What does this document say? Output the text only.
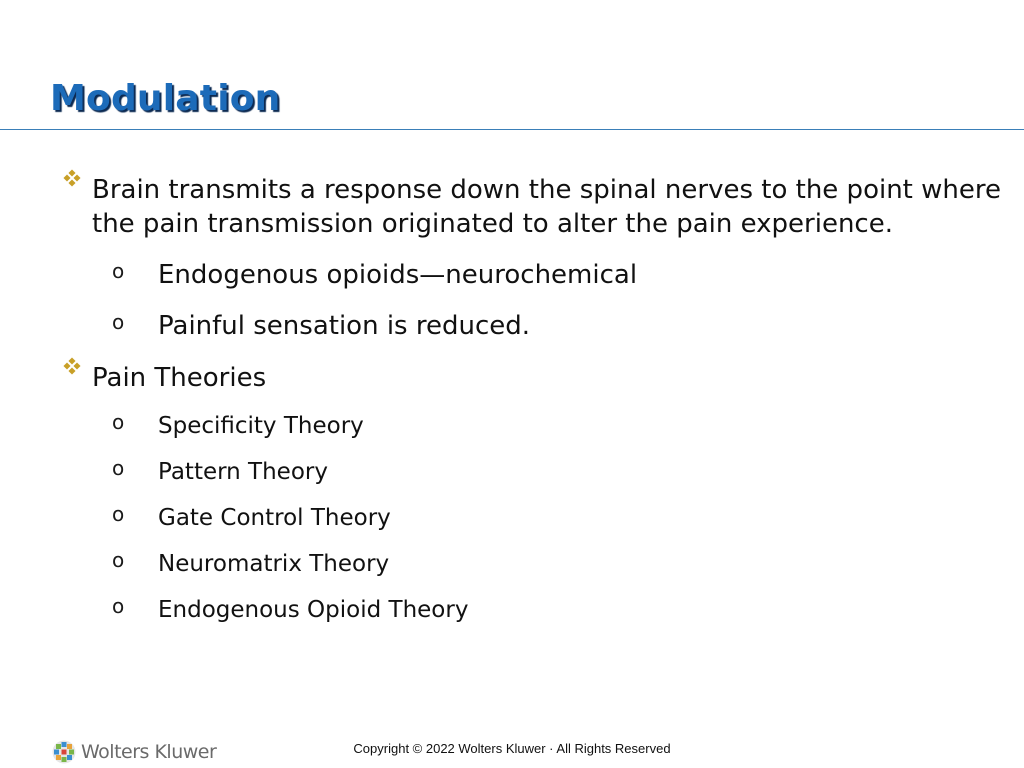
Modulation
Brain transmits a response down the spinal nerves to the point where the pain transmission originated to alter the pain experience.
o Endogenous opioids—neurochemical
o Painful sensation is reduced.
Pain Theories
o Specificity Theory
o Pattern Theory
o Gate Control Theory
o Neuromatrix Theory
o Endogenous Opioid Theory
Wolters Kluwer	Copyright © 2022 Wolters Kluwer · All Rights Reserved
